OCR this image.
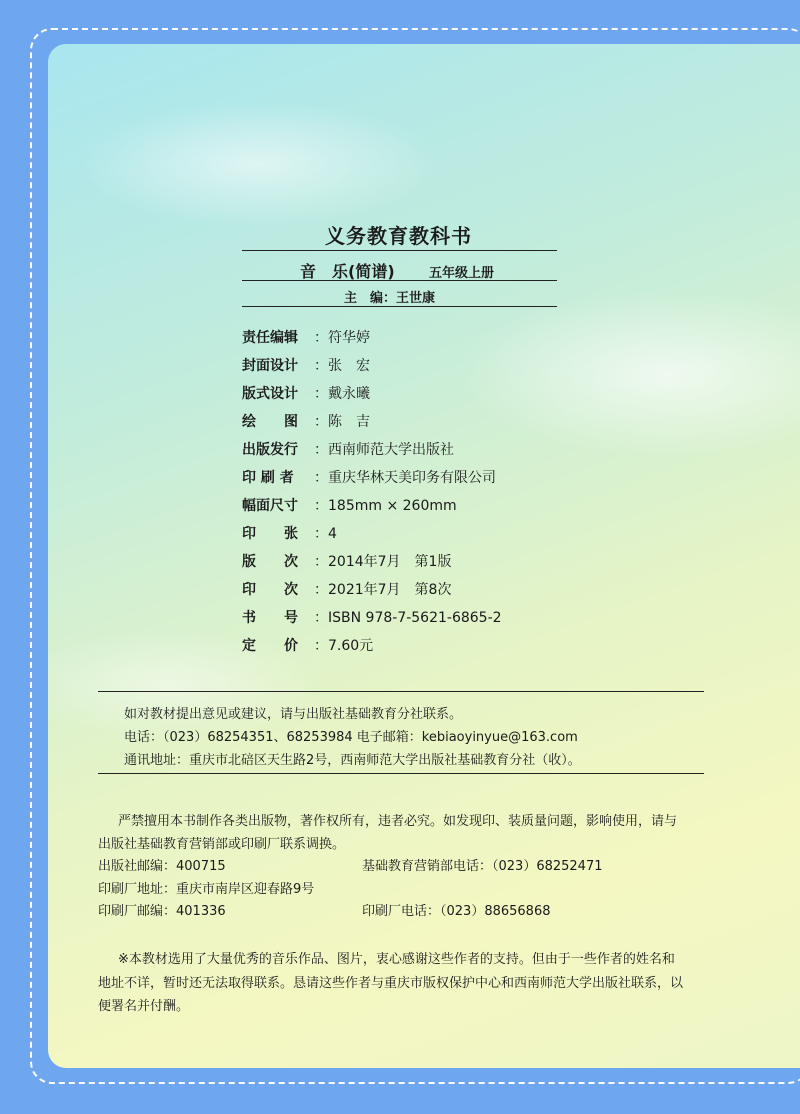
义务教育教科书
音　乐(简谱)	五年级上册
主　编：王世康
责任编辑 ：符华婷
封面设计 ：张　宏
版式设计 ：戴永曦
绘　　图 ：陈　吉
出版发行 ：西南师范大学出版社
印 刷 者 ：重庆华林天美印务有限公司
幅面尺寸 ：185mm × 260mm
印　　张 ：4
版　　次 ：2014年7月　第1版
印　　次 ：2021年7月　第8次
书　　号 ：ISBN 978-7-5621-6865-2
定　　价 ：7.60元
如对教材提出意见或建议，请与出版社基础教育分社联系。
电话：（023）68254351、68253984 电子邮箱：kebiaoyinyue@163.com
通讯地址：重庆市北碚区天生路2号，西南师范大学出版社基础教育分社（收）。
严禁擅用本书制作各类出版物，著作权所有，违者必究。如发现印、装质量问题，影响使用，请与
出版社基础教育营销部或印刷厂联系调换。
出版社邮编：400715	基础教育营销部电话：（023）68252471
印刷厂地址：重庆市南岸区迎春路9号
印刷厂邮编：401336	印刷厂电话：（023）88656868
※本教材选用了大量优秀的音乐作品、图片，衷心感谢这些作者的支持。但由于一些作者的姓名和
地址不详，暂时还无法取得联系。恳请这些作者与重庆市版权保护中心和西南师范大学出版社联系，以
便署名并付酬。
